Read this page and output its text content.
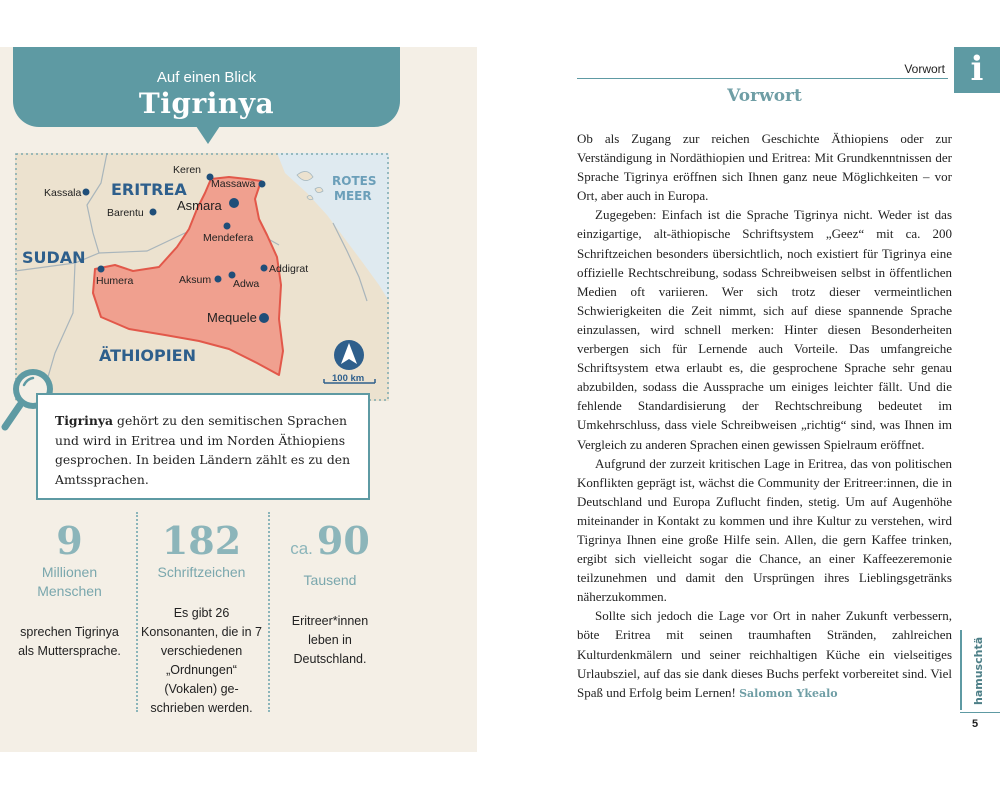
Auf einen Blick
Tigrinya
ERITREA
SUDAN
ÄTHIOPIEN
ROTES
MEER
Keren
Massawa
Kassala
Asmara
Barentu
Mendefera
Humera
Addigrat
Aksum Adwa
Mequele
100 km
Tigrinya gehört zu den semitischen Sprachen und wird in Eritrea und im Norden Äthiopiens gesprochen. In beiden Ländern zählt es zu den Amtssprachen.
9
Millionen
Menschen
sprechen Tigrinya als Muttersprache.
182
Schriftzeichen
Es gibt 26 Konsonanten, die in 7 verschiedenen „Ordnungen“ (Vokalen) ge-schrieben werden.
ca. 90
Tausend
Eritreer*innen leben in Deutschland.
Vorwort i
Vorwort

Ob als Zugang zur reichen Geschichte Äthiopiens oder zur Verständigung in Nordäthiopien und Eritrea: Mit Grundkenntnissen der Sprache Tigrinya eröffnen sich Ihnen ganz neue Möglichkeiten – vor Ort, aber auch in Europa.

Zugegeben: Einfach ist die Sprache Tigrinya nicht. Weder ist das einzigartige, alt-äthiopische Schriftsystem „Geez“ mit ca. 200 Schriftzeichen besonders übersichtlich, noch existiert für Tigrinya eine offizielle Rechtschreibung, sodass Schreibweisen selbst in öffentlichen Medien oft variieren. Wer sich trotz dieser vermeintlichen Schwierigkeiten die Zeit nimmt, sich auf diese spannende Sprache einzulassen, wird schnell merken: Hinter diesen Besonderheiten verbergen sich für Lernende auch Vorteile. Das umfangreiche Schriftsystem etwa erlaubt es, die gesprochene Sprache sehr genau abzubilden, sodass die Aussprache um einiges leichter fällt. Und die fehlende Standardisierung der Rechtschreibung bedeutet im Umkehrschluss, dass viele Schreibweisen „richtig“ sind, was Ihnen im Vergleich zu anderen Sprachen einen gewissen Spielraum eröffnet.

Aufgrund der zurzeit kritischen Lage in Eritrea, das von politischen Konflikten geprägt ist, wächst die Community der Eritreer:innen, die in Deutschland und Europa Zuflucht finden, stetig. Um auf Augenhöhe miteinander in Kontakt zu kommen und ihre Kultur zu verstehen, wird Tigrinya Ihnen eine große Hilfe sein. Allen, die gern Kaffee trinken, ergibt sich vielleicht sogar die Chance, an einer Kaffeezeremonie teilzunehmen und damit den Ursprüngen ihres Lieblingsgetränks näherzukommen.

Sollte sich jedoch die Lage vor Ort in naher Zukunft verbessern, böte Eritrea mit seinen traumhaften Stränden, zahlreichen Kulturdenkmälern und seiner reichhaltigen Küche ein vielseitiges Urlaubsziel, auf das sie dank dieses Buchs perfekt vorbereitet sind. Viel Spaß und Erfolg beim Lernen! Salomon Ykealo	hamuschtä
5
